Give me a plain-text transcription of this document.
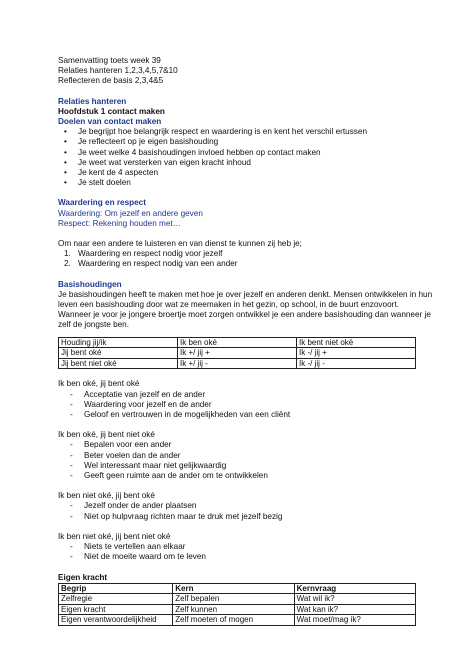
Samenvatting toets week 39

Relaties hanteren 1,2,3,4,5,7&10

Reflecteren de basis 2,3,4&5

Relaties hanteren

Hoofdstuk 1 contact maken

Doelen van contact maken

• Je begrijpt hoe belangrijk respect en waardering is en kent het verschil ertussen
• Je reflecteert op je eigen basishouding
• Je weet welke 4 basishoudingen invloed hebben op contact maken
• Je weet wat versterken van eigen kracht inhoud
• Je kent de 4 aspecten
• Je stelt doelen

Waardering en respect

Waardering: Om jezelf en andere geven

Respect: Rekening houden met…

Om naar een andere te luisteren en van dienst te kunnen zij heb je;

1. Waardering en respect nodig voor jezelf
2. Waardering en respect nodig van een ander

Basishoudingen

Je basishoudingen heeft te maken met hoe je over jezelf en anderen denkt. Mensen ontwikkelen in hun leven een basishouding door wat ze meemaken in het gezin, op school, in de buurt enzovoort. Wanneer je voor je jongere broertje moet zorgen ontwikkel je een andere basishouding dan wanneer je zelf de jongste ben.

Houding jij/ik	Ik ben oké	Ik bent niet oké
Jij bent oké	Ik +/ jij +	Ik -/ jij +
Jij bent niet oké	Ik +/ jij -	Ik -/ jij -

Ik ben oké, jij bent oké

- Acceptatie van jezelf en de ander
- Waardering voor jezelf en de ander
- Geloof en vertrouwen in de mogelijkheden van een cliënt

Ik ben oké, jij bent niet oké

- Bepalen voor een ander
- Beter voelen dan de ander
- Wel interessant maar niet gelijkwaardig
- Geeft geen ruimte aan de ander om te ontwikkelen

Ik ben niet oké, jij bent oké

- Jezelf onder de ander plaatsen
- Niet op hulpvraag richten maar te druk met jezelf bezig

Ik ben niet oké, jij bent niet oké

- Niets te vertellen aan elkaar
- Niet de moeite waard om te leven

Eigen kracht

Begrip	Kern	Kernvraag
Zelfregie	Zelf bepalen	Wat wil ik?
Eigen kracht	Zelf kunnen	Wat kan ik?
Eigen verantwoordelijkheid	Zelf moeten of mogen	Wat moet/mag ik?
